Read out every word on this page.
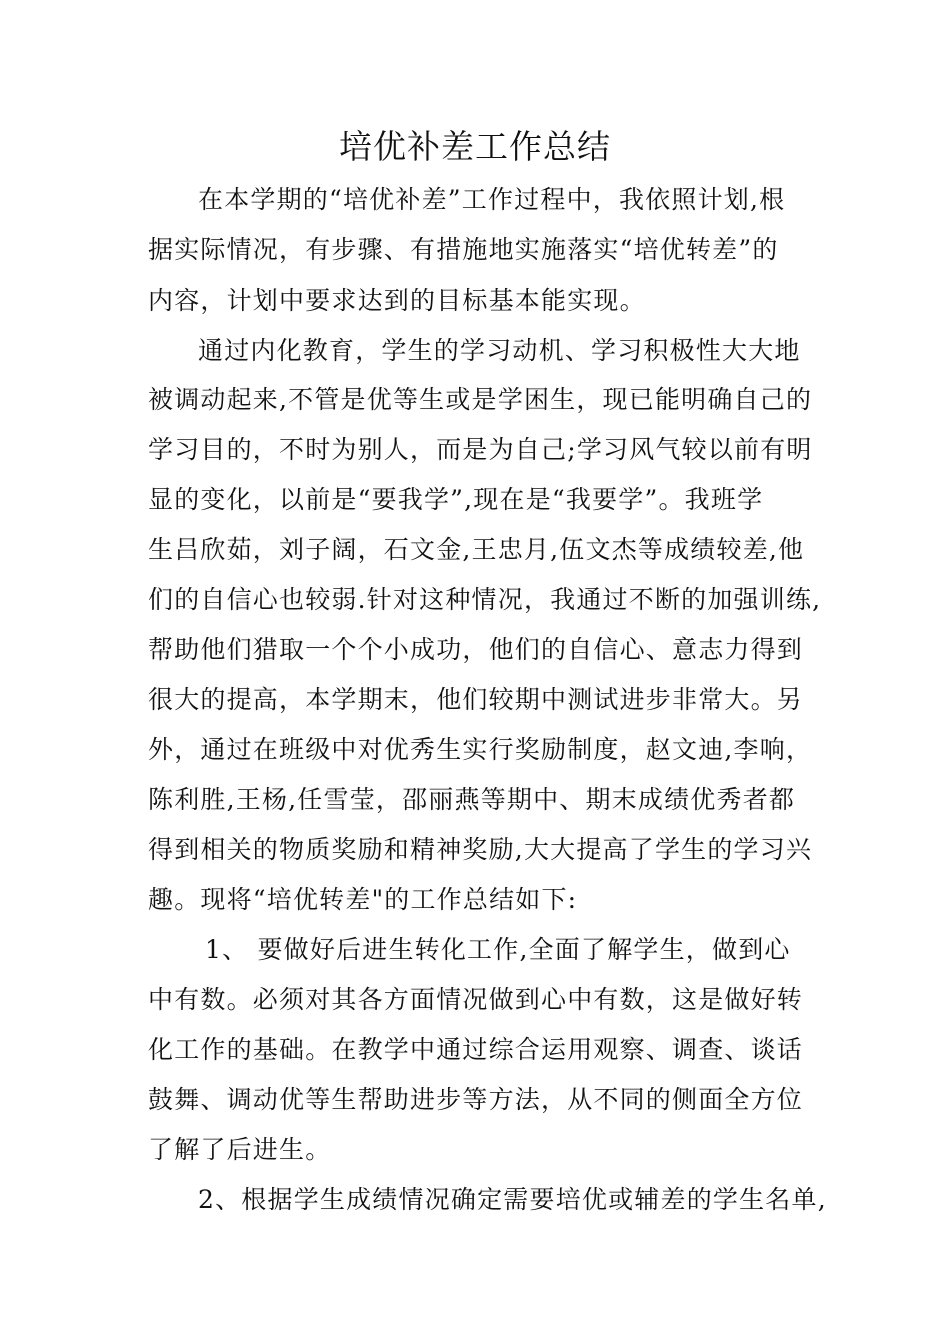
培优补差工作总结
在本学期的“培优补差”工作过程中，我依照计划,根
据实际情况，有步骤、有措施地实施落实“培优转差”的
内容，计划中要求达到的目标基本能实现。
通过内化教育，学生的学习动机、学习积极性大大地
被调动起来,不管是优等生或是学困生，现已能明确自己的
学习目的，不时为别人，而是为自己;学习风气较以前有明
显的变化，以前是“要我学”,现在是“我要学”。我班学
生吕欣茹，刘子阔，石文金,王忠月,伍文杰等成绩较差,他
们的自信心也较弱.针对这种情况，我通过不断的加强训练,
帮助他们猎取一个个小成功，他们的自信心、意志力得到
很大的提高，本学期末，他们较期中测试进步非常大。另
外，通过在班级中对优秀生实行奖励制度，赵文迪,李响，
陈利胜,王杨,任雪莹，邵丽燕等期中、期末成绩优秀者都
得到相关的物质奖励和精神奖励,大大提高了学生的学习兴
趣。现将“培优转差"的工作总结如下:
1、 要做好后进生转化工作,全面了解学生，做到心
中有数。必须对其各方面情况做到心中有数，这是做好转
化工作的基础。在教学中通过综合运用观察、调查、谈话
鼓舞、调动优等生帮助进步等方法，从不同的侧面全方位
了解了后进生。
2、根据学生成绩情况确定需要培优或辅差的学生名单,
